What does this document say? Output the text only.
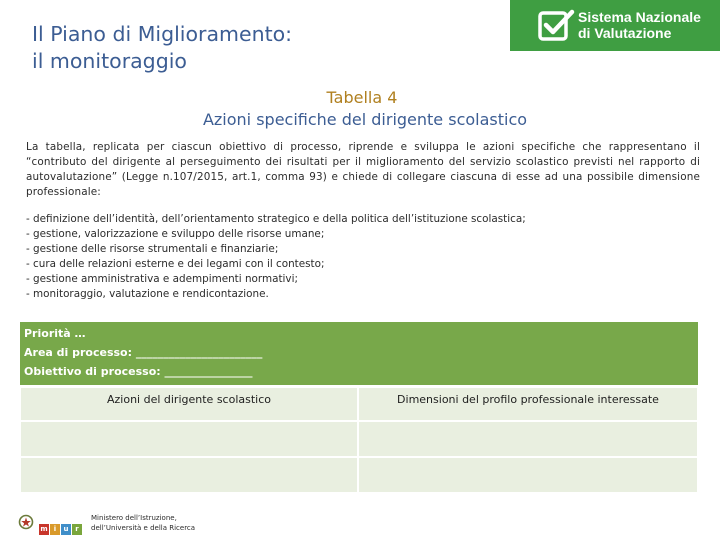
Il Piano di Miglioramento:
il monitoraggio
Sistema Nazionale
di Valutazione
Tabella 4
Azioni specifiche del dirigente scolastico
La tabella, replicata per ciascun obiettivo di processo, riprende e sviluppa le azioni specifiche che rappresentano il “contributo del dirigente al perseguimento dei risultati per il miglioramento del servizio scolastico previsti nel rapporto di autovalutazione” (Legge n.107/2015, art.1, comma 93) e chiede di collegare ciascuna di esse ad una possibile dimensione professionale:
- definizione dell’identità, dell’orientamento strategico e della politica dell’istituzione scolastica;
- gestione, valorizzazione e sviluppo delle risorse umane;
- gestione delle risorse strumentali e finanziarie;
- cura delle relazioni esterne e dei legami con il contesto;
- gestione amministrativa e adempimenti normativi;
- monitoraggio, valutazione e rendicontazione.
Priorità …
Area di processo: _______________________
Obiettivo di processo: ________________
Azioni del dirigente scolastico	Dimensioni del profilo professionale interessate

m i u r
Ministero dell’Istruzione,
dell’Università e della Ricerca
